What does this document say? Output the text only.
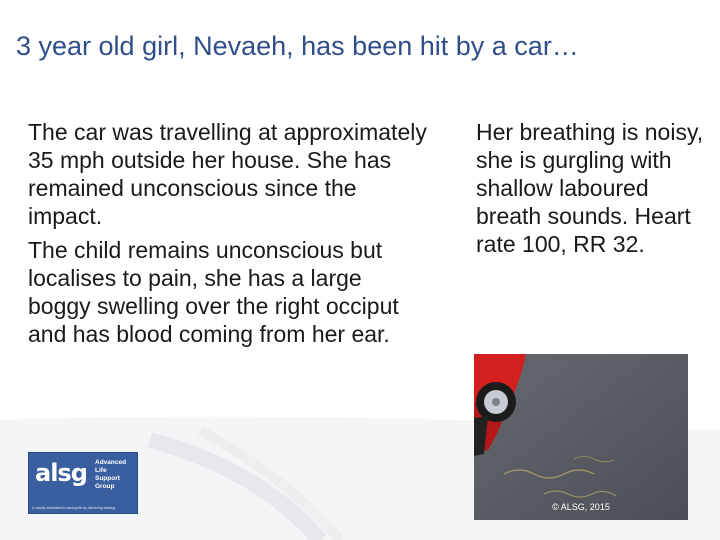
3 year old girl, Nevaeh, has been hit by a car…

The car was travelling at approximately 35 mph outside her house. She has remained unconscious since the impact.

The child remains unconscious but localises to pain, she has a large boggy swelling over the right occiput and has blood coming from her ear.

Her breathing is noisy, she is gurgling with shallow laboured breath sounds. Heart rate 100, RR 32.
alsg Advanced
Life
Support
Group
A charity dedicated to saving life by delivering training	© ALSG, 2015
